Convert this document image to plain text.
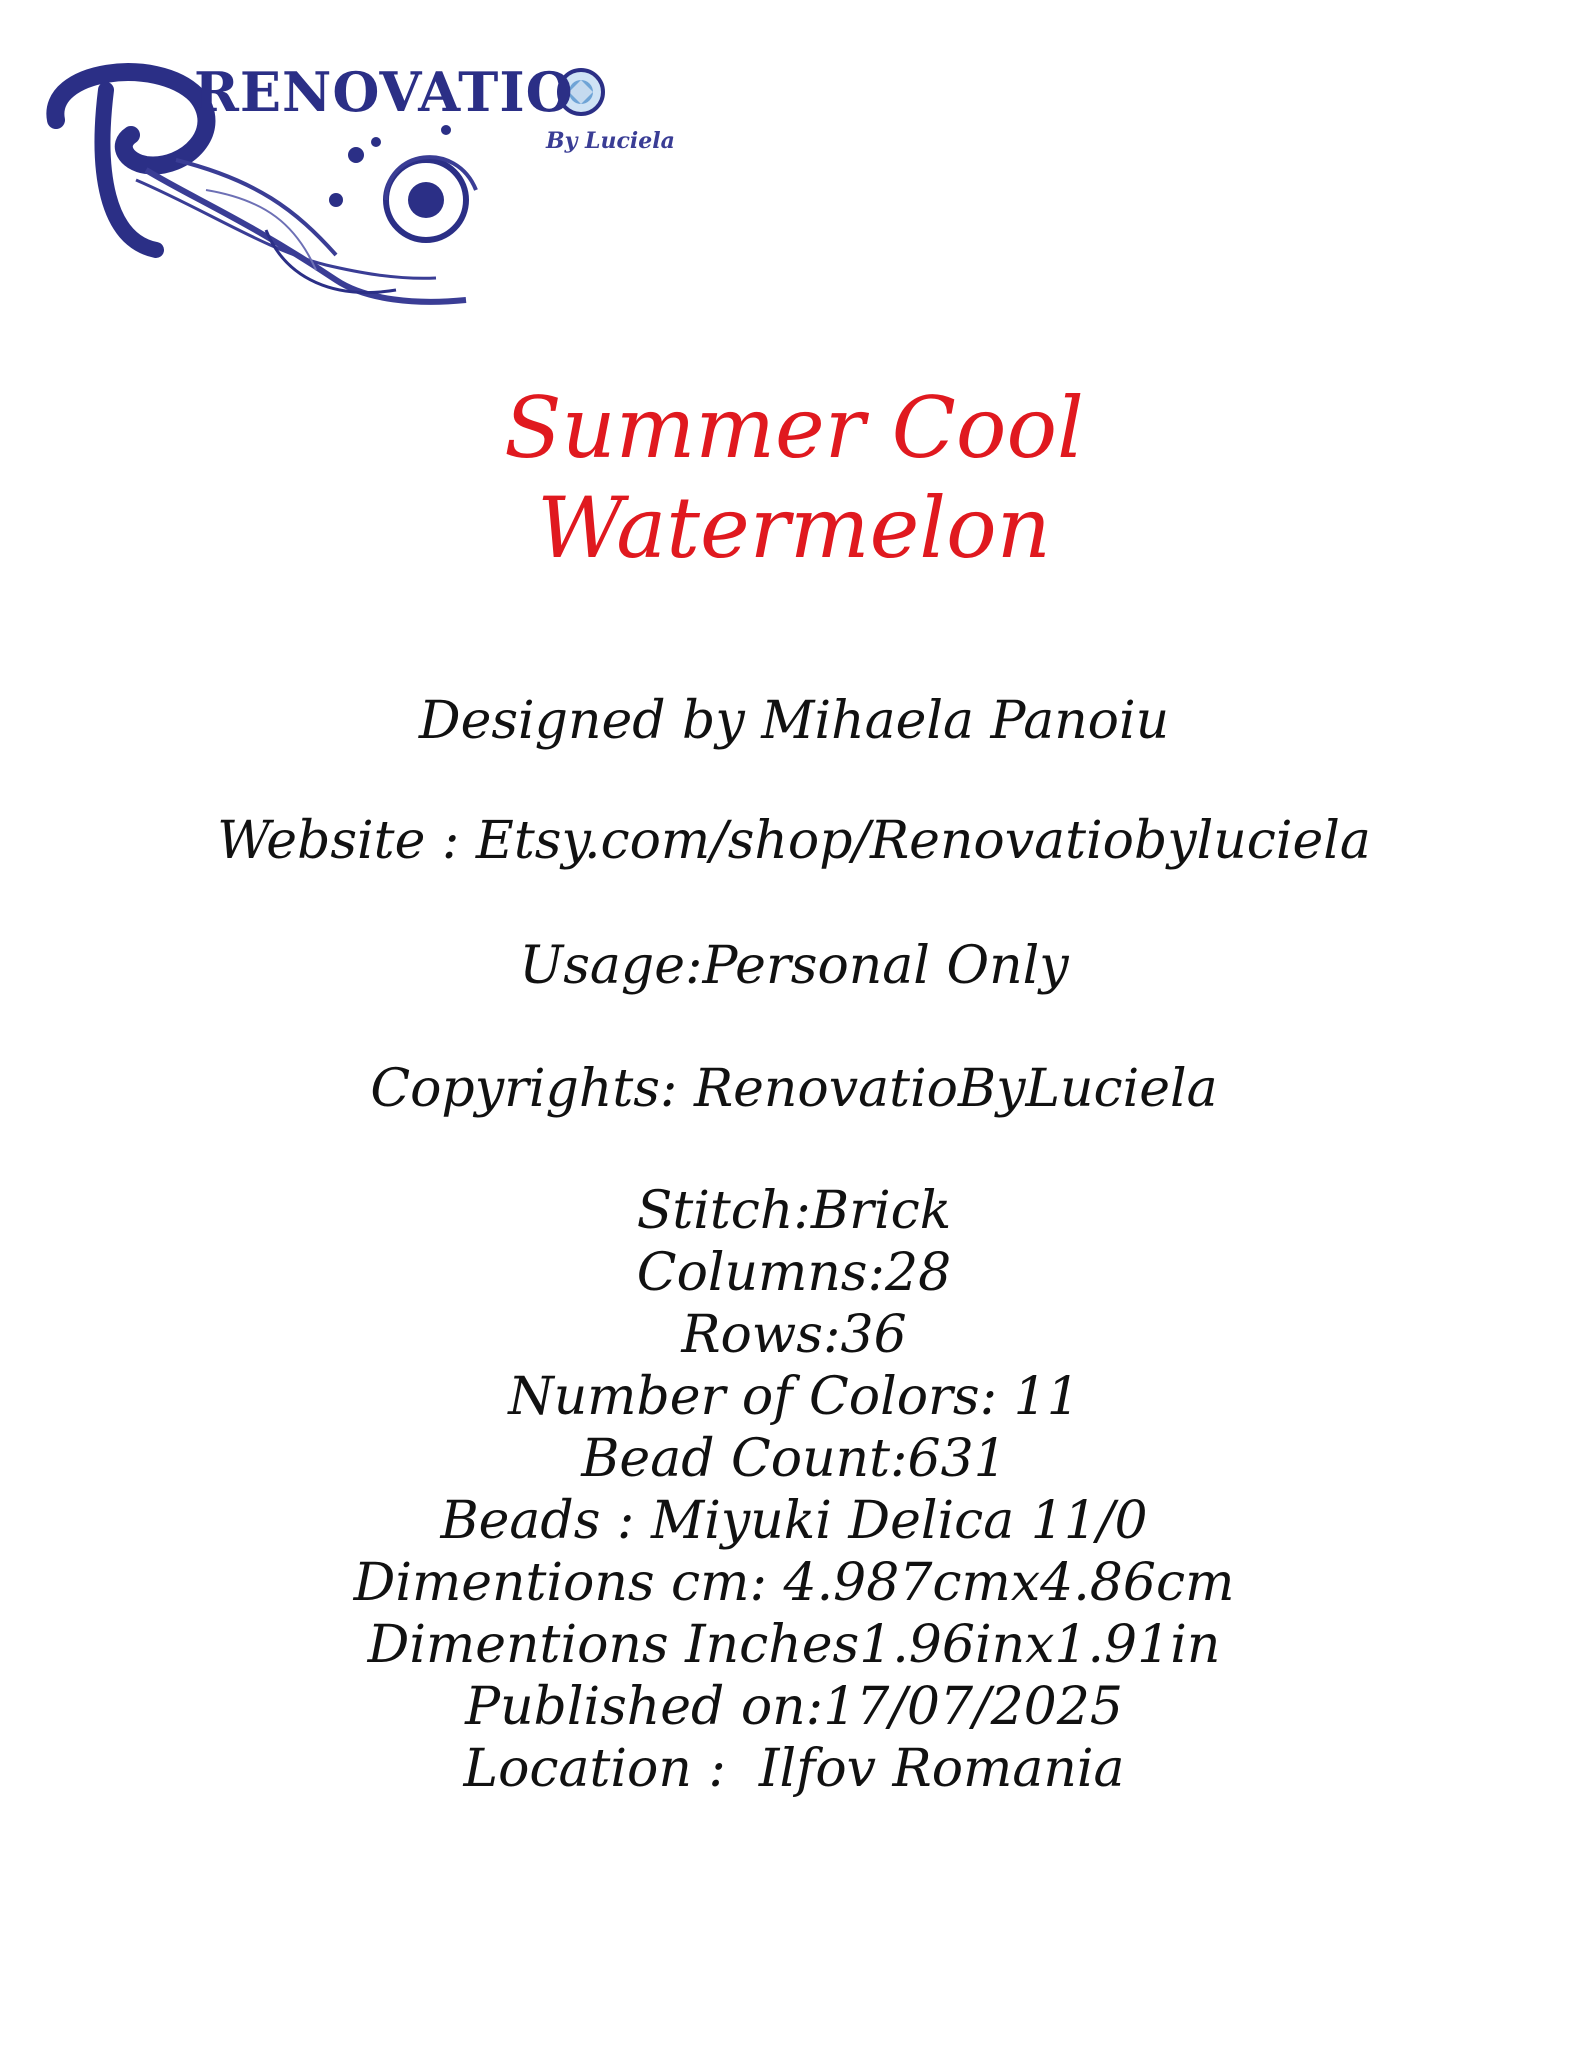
RENOVATIO
By Luciela
Summer Cool
Watermelon

Designed by Mihaela Panoiu

Website : Etsy.com/shop/Renovatiobyluciela

Usage:Personal Only

Copyrights: RenovatioByLuciela

Stitch:Brick
Columns:28
Rows:36
Number of Colors: 11
Bead Count:631
Beads : Miyuki Delica 11/0
Dimentions cm: 4.987cmx4.86cm
Dimentions Inches1.96inx1.91in
Published on:17/07/2025
Location :  Ilfov Romania
